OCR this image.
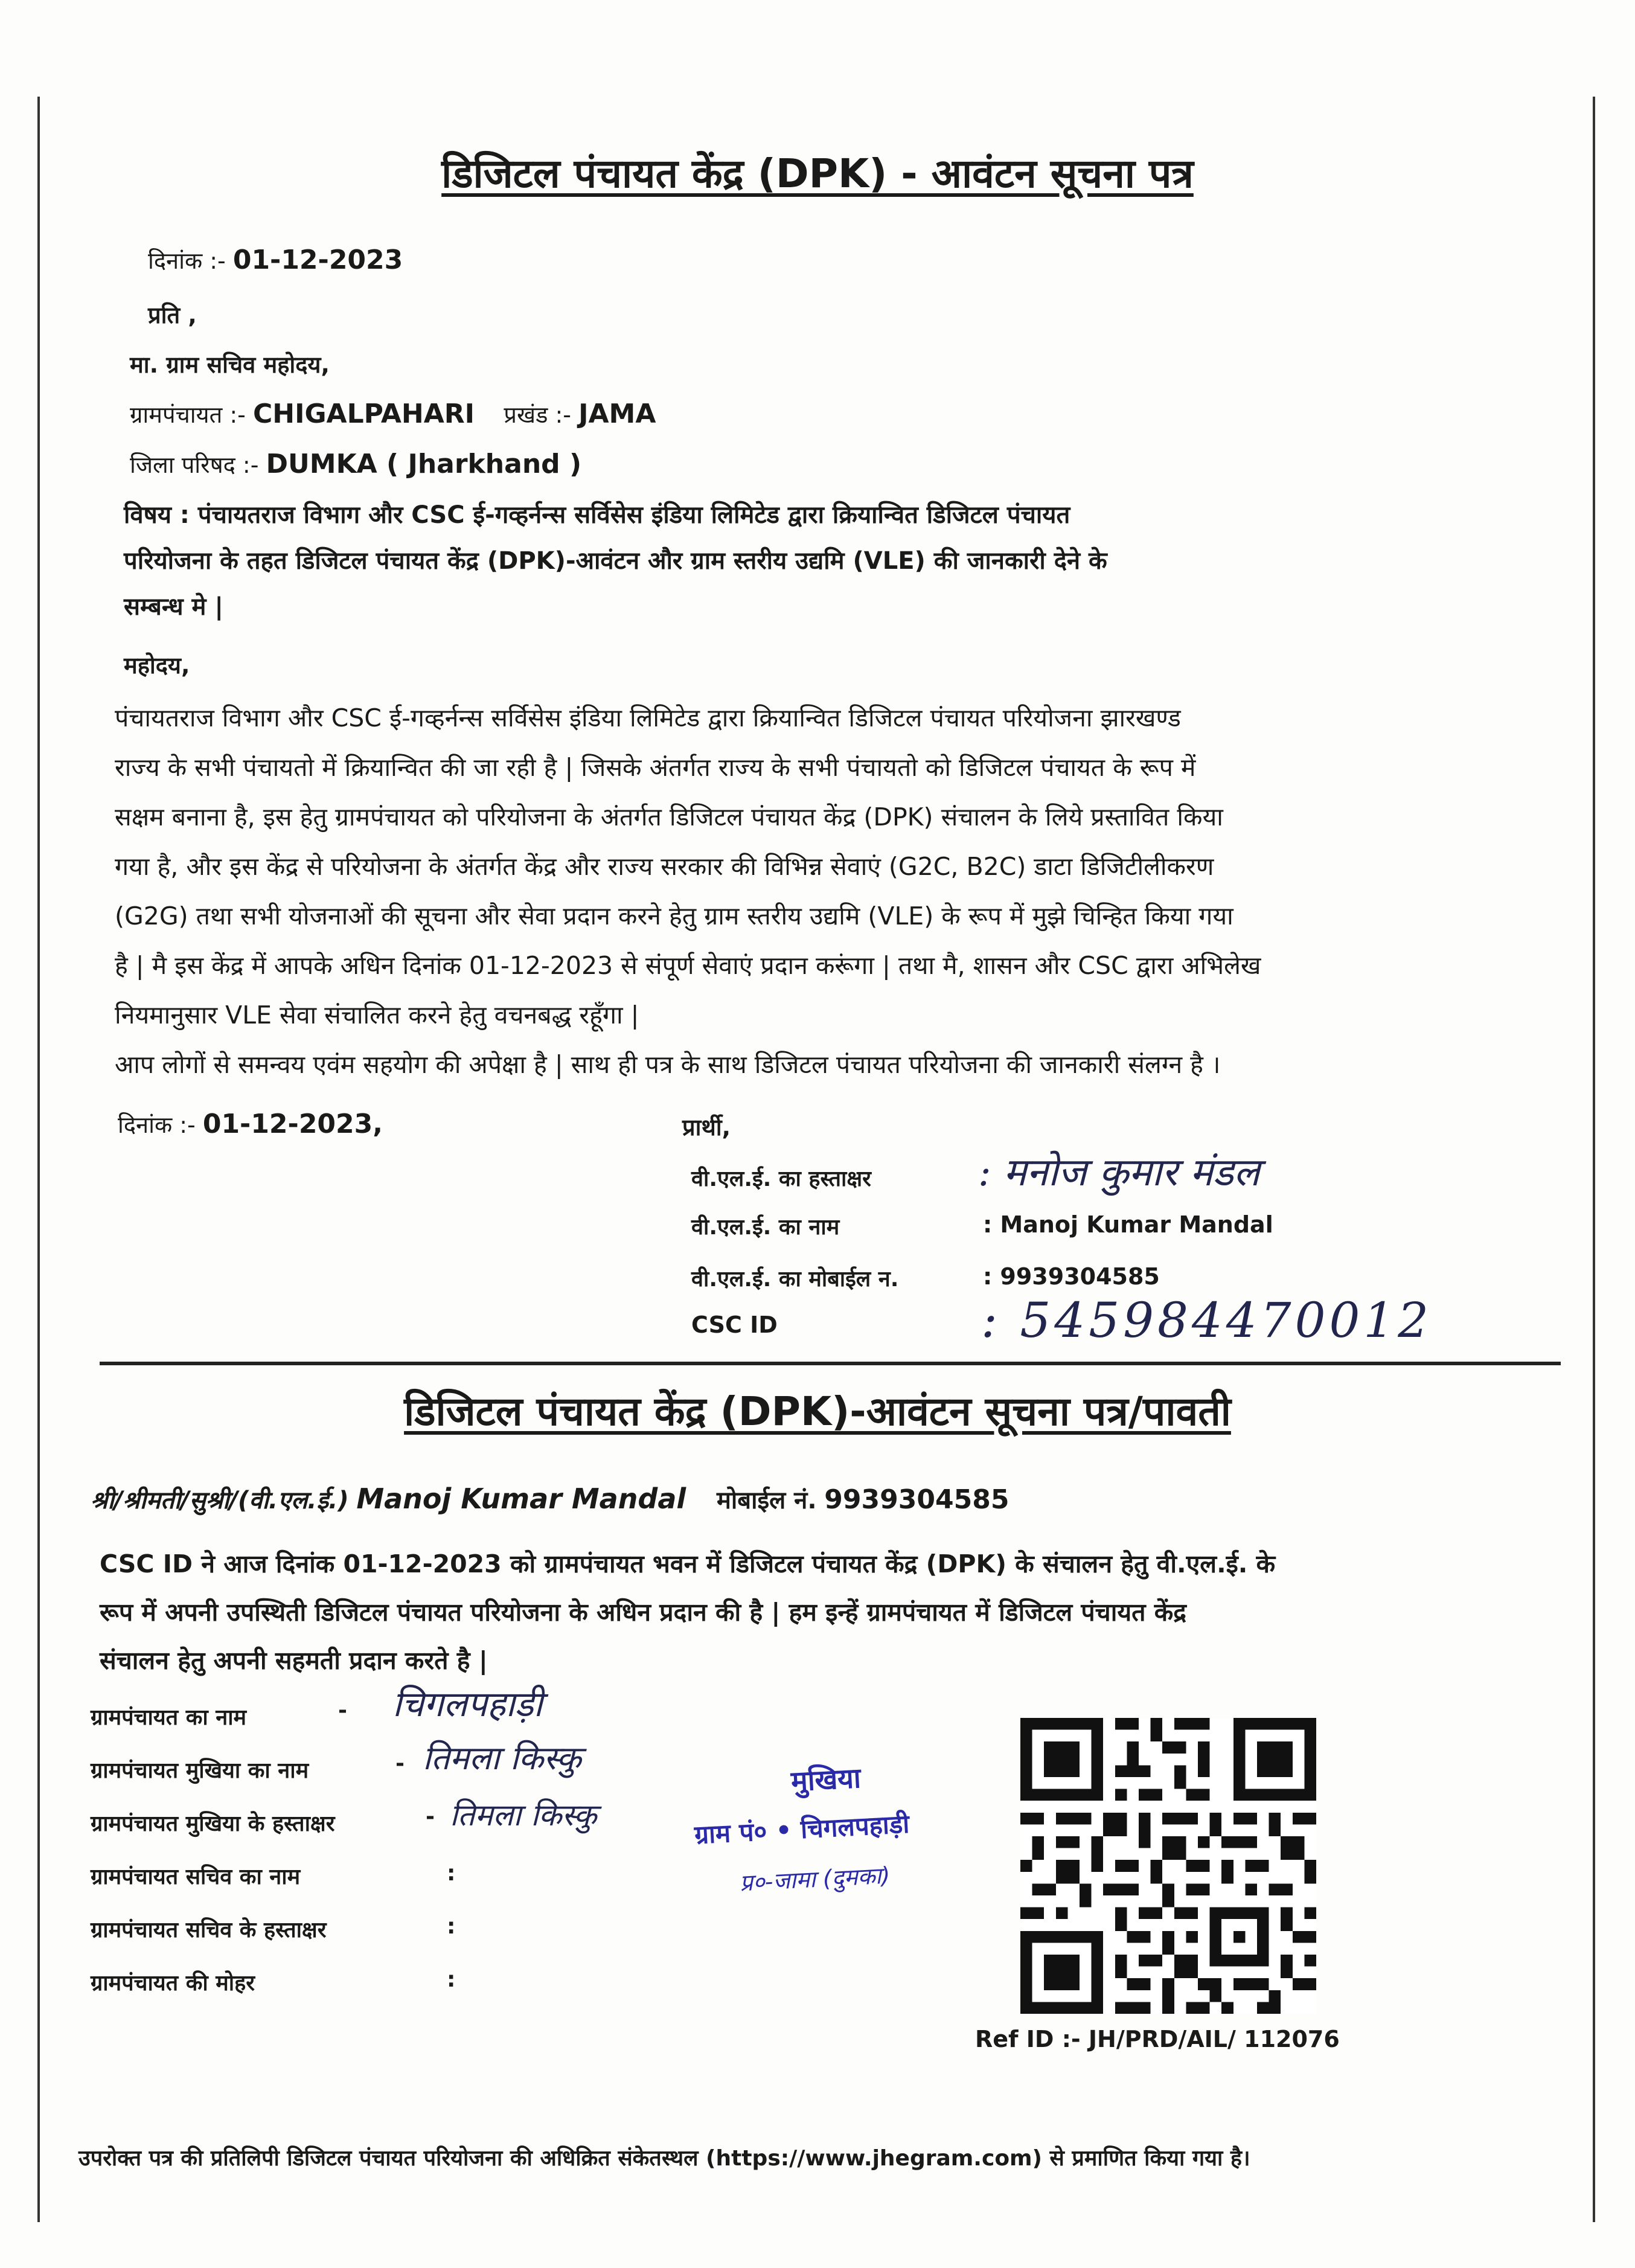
डिजिटल पंचायत केंद्र (DPK) - आवंटन सूचना पत्र
दिनांक :- 01-12-2023
प्रति ,
मा. ग्राम सचिव महोदय,
ग्रामपंचायत :- CHIGALPAHARI प्रखंड :- JAMA
जिला परिषद :- DUMKA ( Jharkhand )
विषय : पंचायतराज विभाग और CSC ई-गव्हर्नन्स सर्विसेस इंडिया लिमिटेड द्वारा क्रियान्वित डिजिटल पंचायत
परियोजना के तहत डिजिटल पंचायत केंद्र (DPK)-आवंटन और ग्राम स्तरीय उद्यमि (VLE) की जानकारी देने के
सम्बन्ध मे |
महोदय,
पंचायतराज विभाग और CSC ई-गव्हर्नन्स सर्विसेस इंडिया लिमिटेड द्वारा क्रियान्वित डिजिटल पंचायत परियोजना झारखण्ड
राज्य के सभी पंचायतो में क्रियान्वित की जा रही है | जिसके अंतर्गत राज्य के सभी पंचायतो को डिजिटल पंचायत के रूप में
सक्षम बनाना है, इस हेतु ग्रामपंचायत को परियोजना के अंतर्गत डिजिटल पंचायत केंद्र (DPK) संचालन के लिये प्रस्तावित किया
गया है, और इस केंद्र से परियोजना के अंतर्गत केंद्र और राज्य सरकार की विभिन्न सेवाएं (G2C, B2C) डाटा डिजिटीलीकरण
(G2G) तथा सभी योजनाओं की सूचना और सेवा प्रदान करने हेतु ग्राम स्तरीय उद्यमि (VLE) के रूप में मुझे चिन्हित किया गया
है | मै इस केंद्र में आपके अधिन दिनांक 01-12-2023 से संपूर्ण सेवाएं प्रदान करूंगा | तथा मै, शासन और CSC द्वारा अभिलेख
नियमानुसार VLE सेवा संचालित करने हेतु वचनबद्ध रहूँगा |
आप लोगों से समन्वय एवंम सहयोग की अपेक्षा है | साथ ही पत्र के साथ डिजिटल पंचायत परियोजना की जानकारी संलग्न है ।
दिनांक :- 01-12-2023,	प्रार्थी,
वी.एल.ई. का हस्ताक्षर	: मनोज कुमार मंडल
वी.एल.ई. का नाम	: Manoj Kumar Mandal
वी.एल.ई. का मोबाईल न.	: 9939304585
CSC ID	: 545984470012
डिजिटल पंचायत केंद्र (DPK)-आवंटन सूचना पत्र/पावती
श्री/श्रीमती/सुश्री/(वी.एल.ई.) Manoj Kumar Mandal मोबाईल नं. 9939304585
CSC ID ने आज दिनांक 01-12-2023 को ग्रामपंचायत भवन में डिजिटल पंचायत केंद्र (DPK) के संचालन हेतु वी.एल.ई. के
रूप में अपनी उपस्थिती डिजिटल पंचायत परियोजना के अधिन प्रदान की है | हम इन्हें ग्रामपंचायत में डिजिटल पंचायत केंद्र
संचालन हेतु अपनी सहमती प्रदान करते है |
ग्रामपंचायत का नाम	- चिगलपहाड़ी
ग्रामपंचायत मुखिया का नाम	- तिमला किस्कु
ग्रामपंचायत मुखिया के हस्ताक्षर	- तिमला किस्कु
ग्रामपंचायत सचिव का नाम	:
ग्रामपंचायत सचिव के हस्ताक्षर	:
ग्रामपंचायत की मोहर	:
मुखिया
ग्राम पं० • चिगलपहाड़ी
प्र०-जामा (दुमका)
Ref ID :- JH/PRD/AIL/ 112076
उपरोक्त पत्र की प्रतिलिपी डिजिटल पंचायत परियोजना की अधिक्रित संकेतस्थल (https://www.jhegram.com) से प्रमाणित किया गया है।
